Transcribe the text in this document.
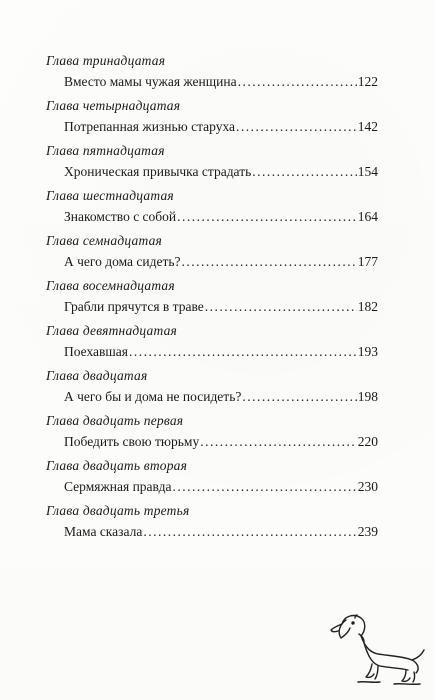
Глава тринадцатая
Вместо мамы чужая женщина .....	122
Глава четырнадцатая
Потрепанная жизнью старуха .....	142
Глава пятнадцатая
Хроническая привычка страдать .....	154
Глава шестнадцатая
Знакомство с собой .....	164
Глава семнадцатая
А чего дома сидеть? .....	177
Глава восемнадцатая
Грабли прячутся в траве .....	182
Глава девятнадцатая
Поехавшая .....	193
Глава двадцатая
А чего бы и дома не посидеть? .....	198
Глава двадцать первая
Победить свою тюрьму .....	220
Глава двадцать вторая
Сермяжная правда .....	230
Глава двадцать третья
Мама сказала .....	239
